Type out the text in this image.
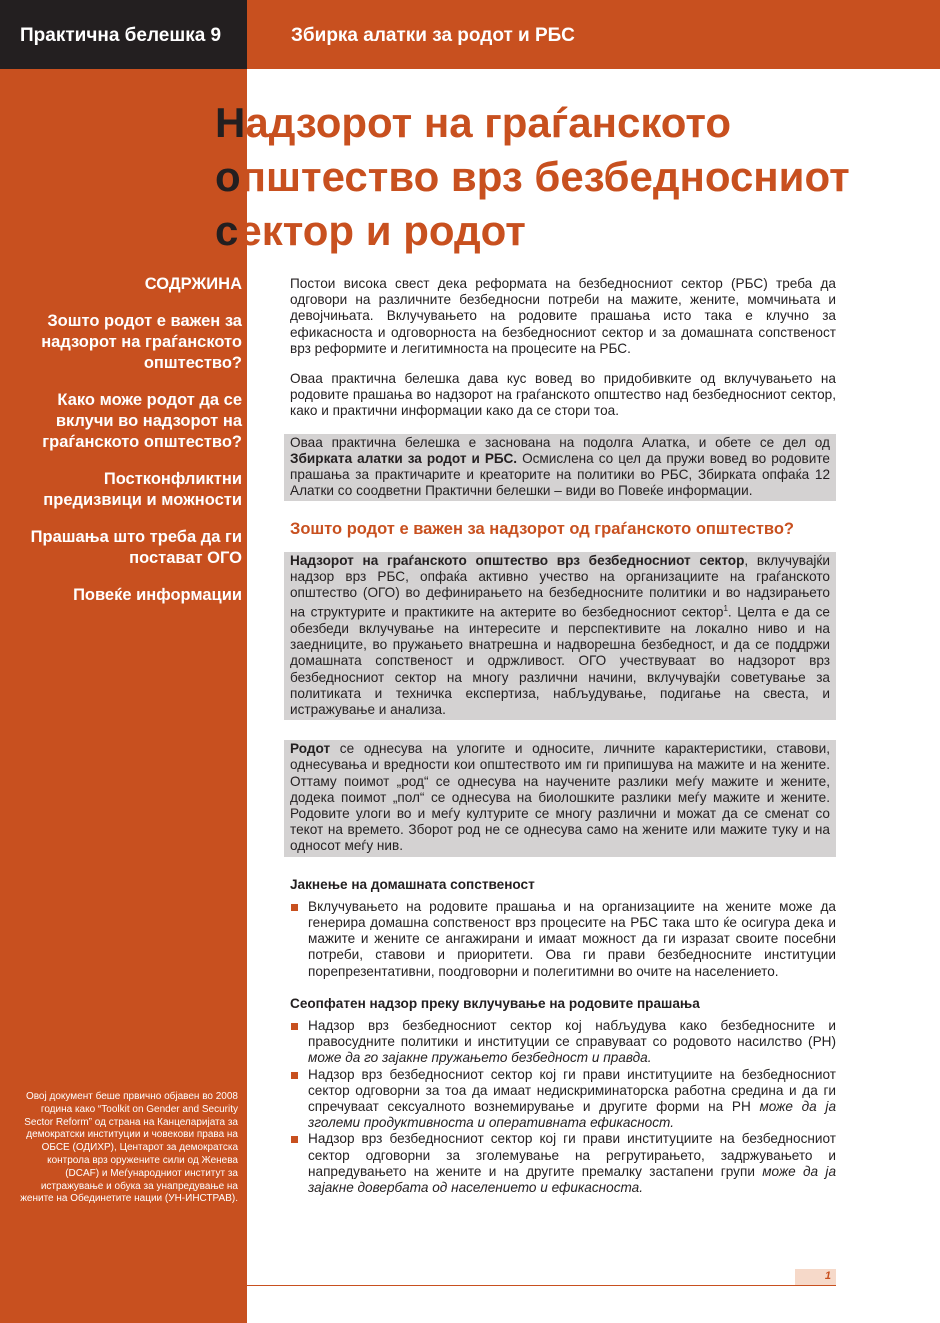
Практична белешка 9	Збирка алатки за родот и РБС
Надзорот на граѓанското
општество врз безбедносниот
сектор и родот
СОДРЖИНА
Зошто родот е важен за надзорот на граѓанското општество?
Како може родот да се вклучи во надзорот на граѓанското општество?
Постконфликтни предизвици и можности
Прашања што треба да ги постават ОГО
Повеќе информации
Овој документ беше првично објавен во 2008 година како “Toolkit on Gender and Security Sector Reform” од страна на Канцеларијата за демократски институции и човекови права на ОБСЕ (ОДИХР), Центарот за демократска контрола врз оружените сили од Женева (DCAF) и Меѓународниот институт за истражување и обука за унапредување на жените на Обединетите нации (УН-ИНСТРАВ).

Постои висока свест дека реформата на безбедносниот сектор (РБС) треба да одговори на различните безбедносни потреби на мажите, жените, момчињата и девојчињата. Вклучувањето на родовите прашања исто така е клучно за ефикасноста и одговорноста на безбедносниот сектор и за домашната сопственост врз реформите и легитимноста на процесите на РБС.

Оваа практична белешка дава кус вовед во придобивките од вклучувањето на родовите прашања во надзорот на граѓанското општество над безбедносниот сектор, како и практични информации како да се стори тоа.

Оваа практична белешка е заснована на подолга Алатка, и обете се дел од Збирката алатки за родот и РБС. Осмислена со цел да пружи вовед во родовите прашања за практичарите и креаторите на политики во РБС, Збирката опфаќа 12 Алатки со соодветни Практични белешки – види во Повеќе информации.

Зошто родот е важен за надзорот од граѓанското општество?

Надзорот на граѓанското општество врз безбедносниот сектор, вклучувајќи надзор врз РБС, опфаќа активно учество на организациите на граѓанското општество (ОГО) во дефинирањето на безбедносните политики и во надзирањето на структурите и практиките на актерите во безбедносниот сектор$^1$. Целта е да се обезбеди вклучување на интересите и перспективите на локално ниво и на заедниците, во пружањето внатрешна и надворешна безбедност, и да се поддржи домашната сопственост и одржливост. ОГО учествуваат во надзорот врз безбедносниот сектор на многу различни начини, вклучувајќи советување за политиката и техничка експертиза, набљудување, подигање на свеста, и истражување и анализа.

Родот се однесува на улогите и односите, личните карактеристики, ставови, однесувања и вредности кои општеството им ги припишува на мажите и на жените. Оттаму поимот „род“ се однесува на научените разлики меѓу мажите и жените, додека поимот „пол“ се однесува на биолошките разлики меѓу мажите и жените. Родовите улоги во и меѓу културите се многу различни и можат да се сменат со текот на времето. Зборот род не се однесува само на жените или мажите туку и на односот меѓу нив.

Јакнење на домашната сопственост
Вклучувањето на родовите прашања и на организациите на жените може да генерира домашна сопственост врз процесите на РБС така што ќе осигура дека и мажите и жените се ангажирани и имаат можност да ги изразат своите посебни потреби, ставови и приоритети. Ова ги прави безбедносните институции порепрезентативни, поодговорни и полегитимни во очите на населението.
Сеопфатен надзор преку вклучување на родовите прашања
Надзор врз безбедносниот сектор кој набљудува како безбедносните и правосудните политики и институции се справуваат со родовото насилство (РН) може да го зајакне пружањето безбедност и правда.
Надзор врз безбедносниот сектор кој ги прави институциите на безбедносниот сектор одговорни за тоа да имаат недискриминаторска работна средина и да ги спречуваат сексуалното вознемирување и другите форми на РН може да ја зголеми продуктивноста и оперативната ефикасност.
Надзор врз безбедносниот сектор кој ги прави институциите на безбедносниот сектор одговорни за зголемување на регрутирањето, задржувањето и напредувањето на жените и на другите премалку застапени групи може да ја зајакне довербата од населението и ефикасноста.
1
